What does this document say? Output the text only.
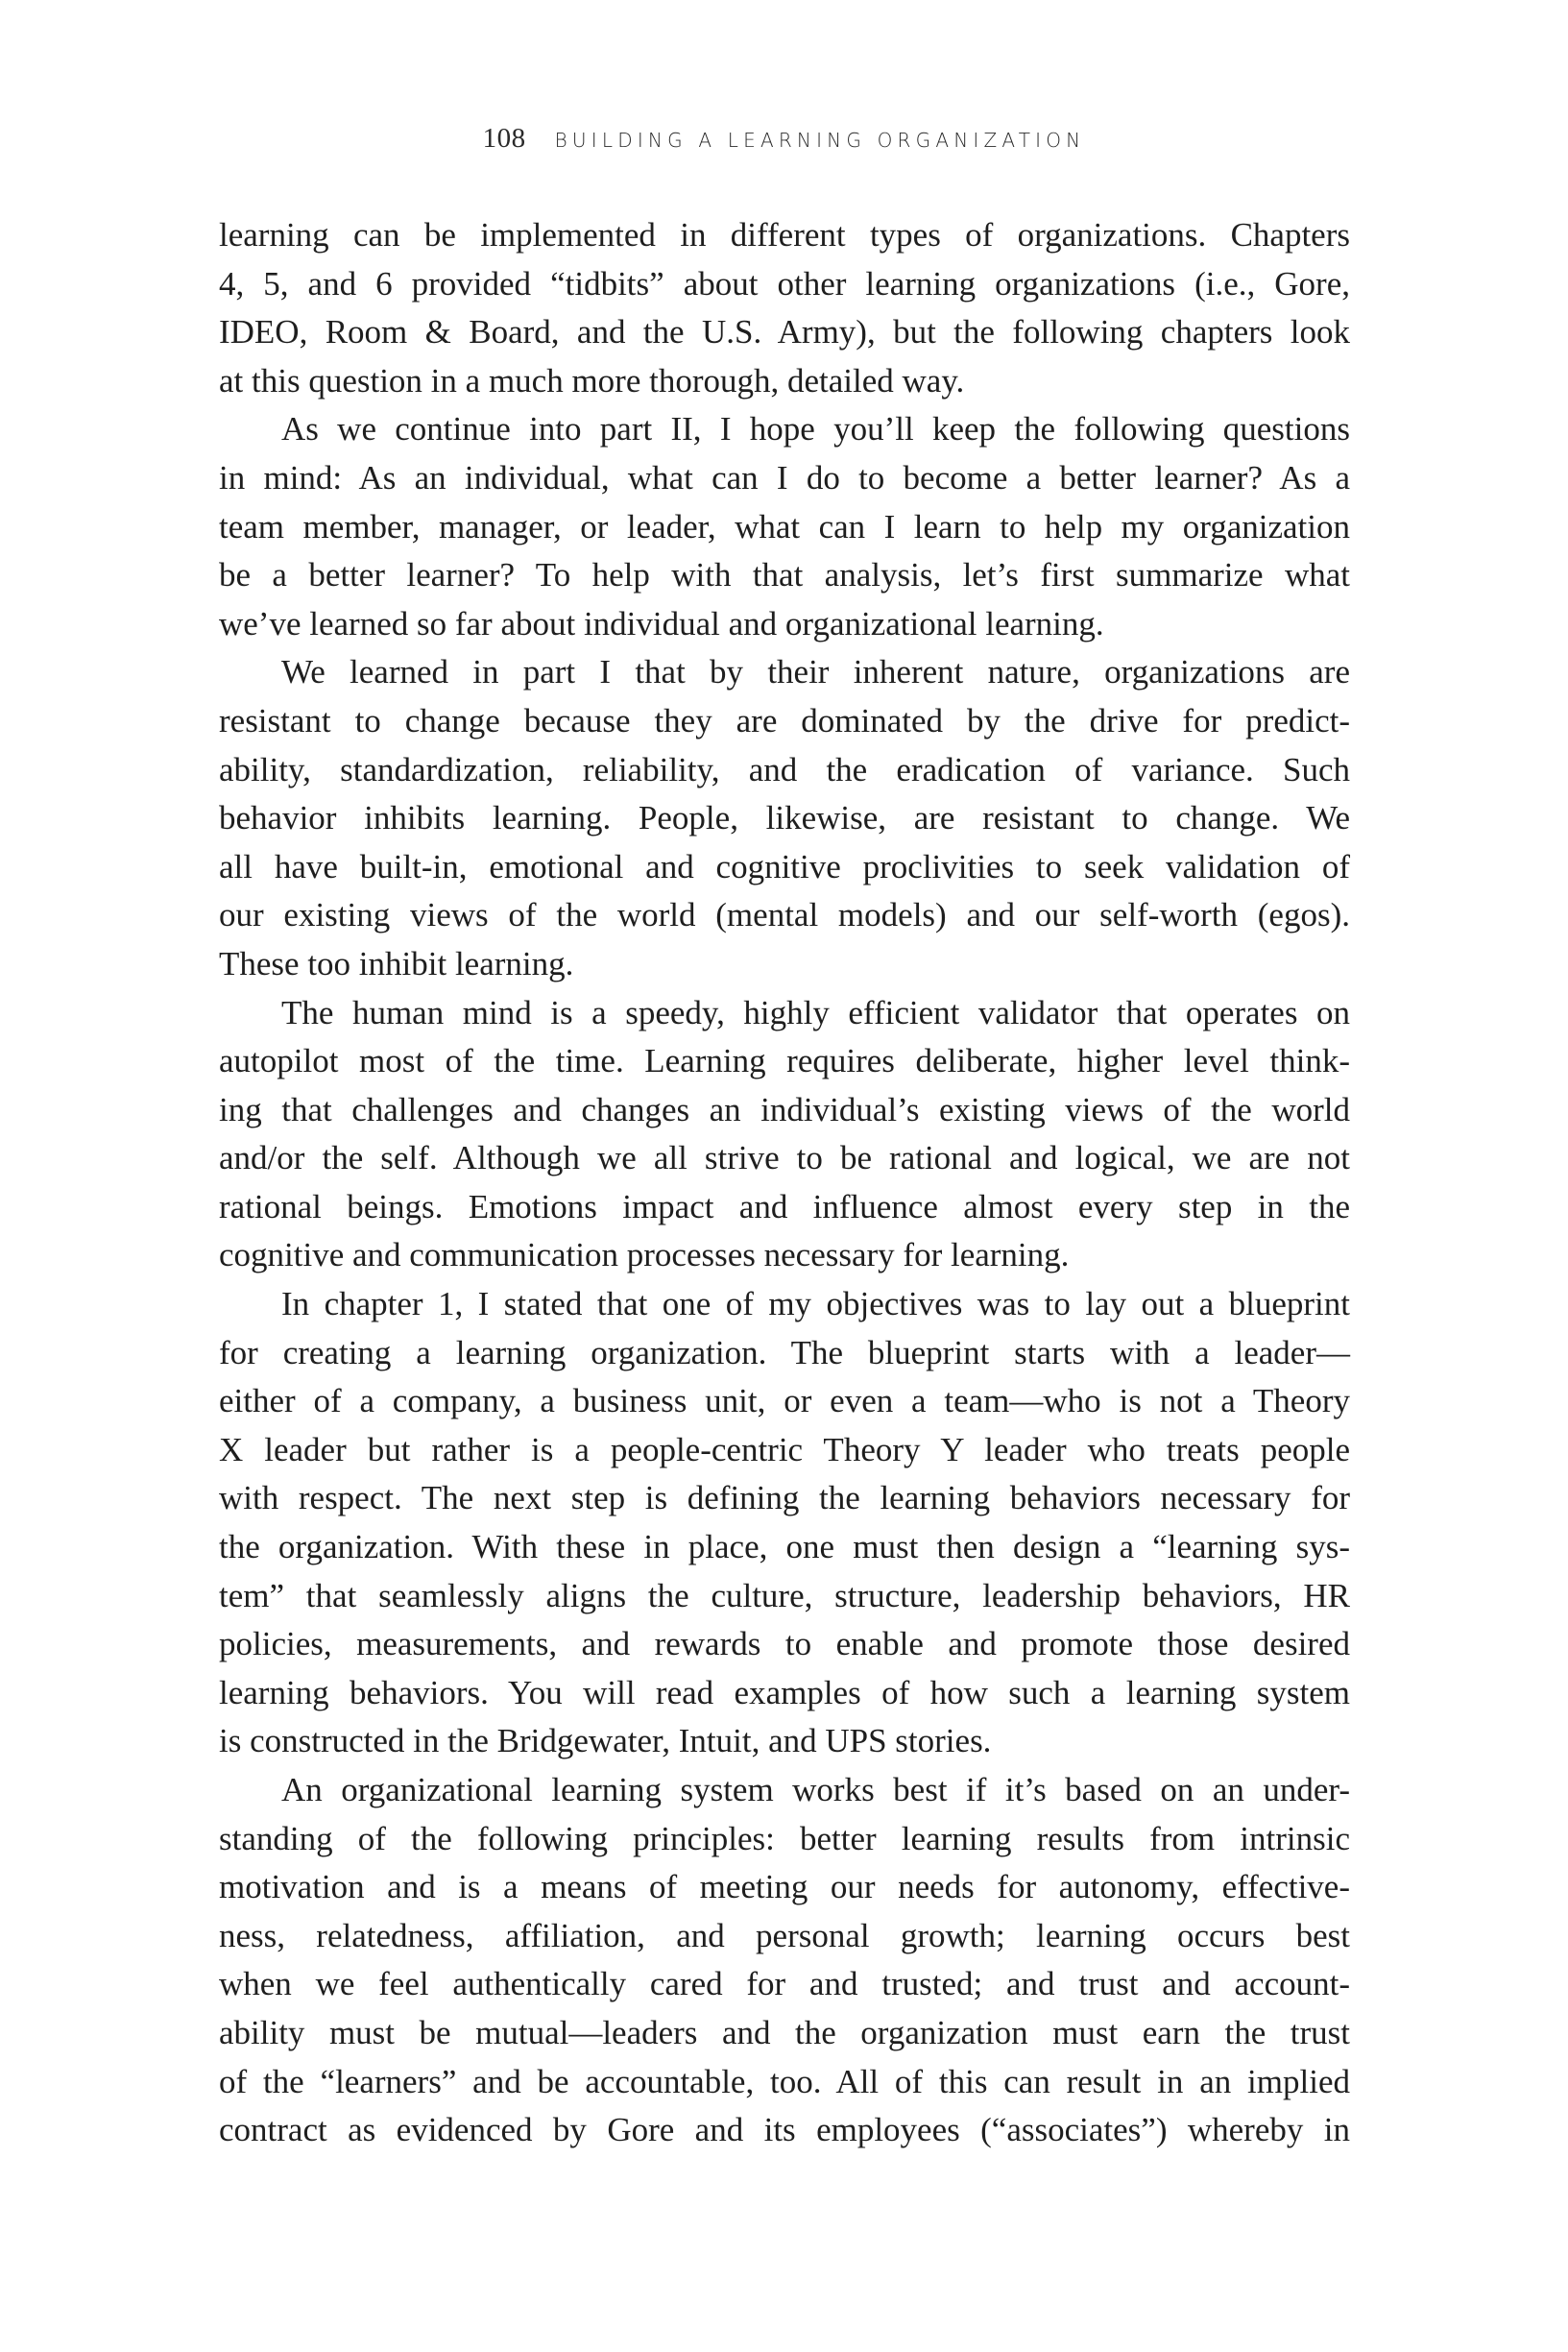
108 BUILDING A LEARNING ORGANIZATION
learning can be implemented in different types of organizations. Chapters
4, 5, and 6 provided “tidbits” about other learning organizations (i.e., Gore,
IDEO, Room & Board, and the U.S. Army), but the following chapters look
at this question in a much more thorough, detailed way.
As we continue into part II, I hope you’ll keep the following questions
in mind: As an individual, what can I do to become a better learner? As a
team member, manager, or leader, what can I learn to help my organization
be a better learner? To help with that analysis, let’s first summarize what
we’ve learned so far about individual and organizational learning.
We learned in part I that by their inherent nature, organizations are
resistant to change because they are dominated by the drive for predict-
ability, standardization, reliability, and the eradication of variance. Such
behavior inhibits learning. People, likewise, are resistant to change. We
all have built-in, emotional and cognitive proclivities to seek validation of
our existing views of the world (mental models) and our self-worth (egos).
These too inhibit learning.
The human mind is a speedy, highly efficient validator that operates on
autopilot most of the time. Learning requires deliberate, higher level think-
ing that challenges and changes an individual’s existing views of the world
and/or the self. Although we all strive to be rational and logical, we are not
rational beings. Emotions impact and influence almost every step in the
cognitive and communication processes necessary for learning.
In chapter 1, I stated that one of my objectives was to lay out a blueprint
for creating a learning organization. The blueprint starts with a leader—
either of a company, a business unit, or even a team—who is not a Theory
X leader but rather is a people-centric Theory Y leader who treats people
with respect. The next step is defining the learning behaviors necessary for
the organization. With these in place, one must then design a “learning sys-
tem” that seamlessly aligns the culture, structure, leadership behaviors, HR
policies, measurements, and rewards to enable and promote those desired
learning behaviors. You will read examples of how such a learning system
is constructed in the Bridgewater, Intuit, and UPS stories.
An organizational learning system works best if it’s based on an under-
standing of the following principles: better learning results from intrinsic
motivation and is a means of meeting our needs for autonomy, effective-
ness, relatedness, affiliation, and personal growth; learning occurs best
when we feel authentically cared for and trusted; and trust and account-
ability must be mutual—leaders and the organization must earn the trust
of the “learners” and be accountable, too. All of this can result in an implied
contract as evidenced by Gore and its employees (“associates”) whereby in
